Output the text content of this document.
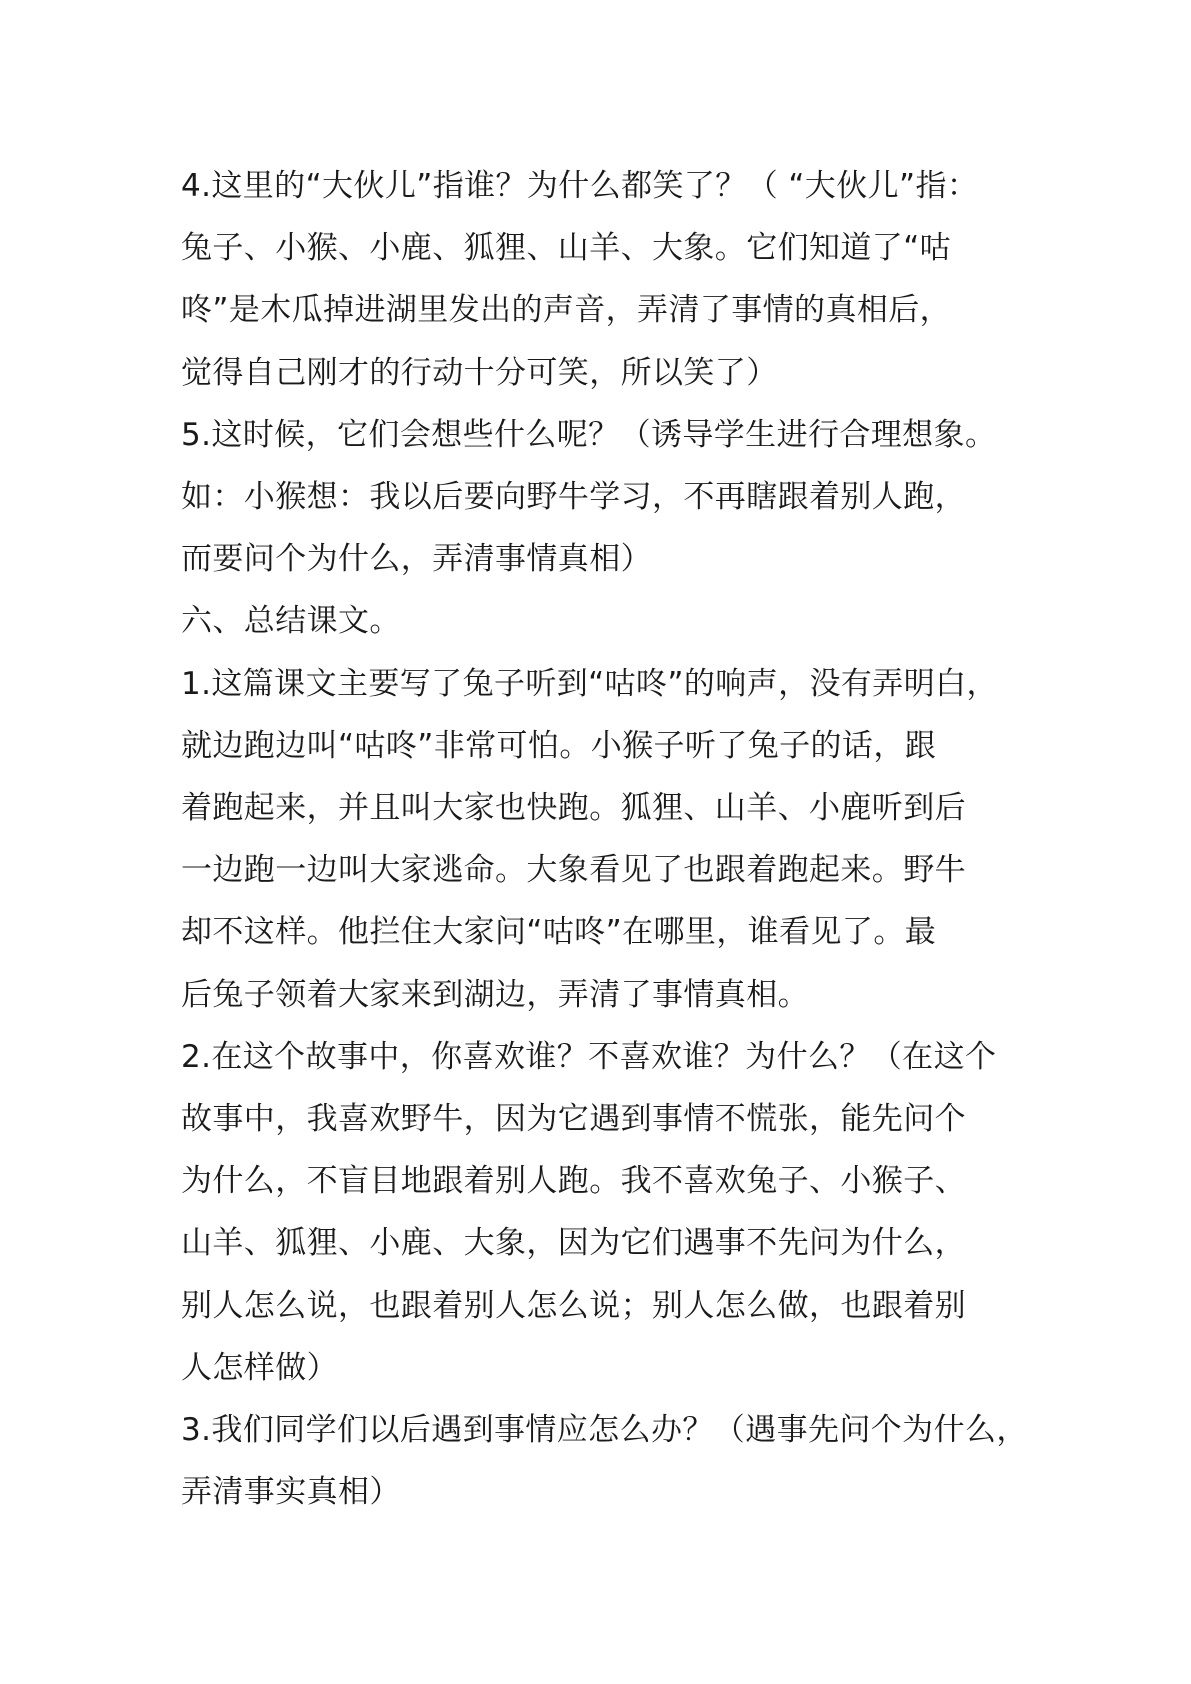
4.这里的“大伙儿”指谁？为什么都笑了？（ “大伙儿”指：
兔子、小猴、小鹿、狐狸、山羊、大象。它们知道了“咕
咚”是木瓜掉进湖里发出的声音，弄清了事情的真相后，
觉得自己刚才的行动十分可笑，所以笑了）

5.这时候，它们会想些什么呢？（诱导学生进行合理想象。
如：小猴想：我以后要向野牛学习，不再瞎跟着别人跑，
而要问个为什么，弄清事情真相）

六、总结课文。

1.这篇课文主要写了兔子听到“咕咚”的响声，没有弄明白，
就边跑边叫“咕咚”非常可怕。小猴子听了兔子的话，跟
着跑起来，并且叫大家也快跑。狐狸、山羊、小鹿听到后
一边跑一边叫大家逃命。大象看见了也跟着跑起来。野牛
却不这样。他拦住大家问“咕咚”在哪里，谁看见了。最
后兔子领着大家来到湖边，弄清了事情真相。

2.在这个故事中，你喜欢谁？不喜欢谁？为什么？（在这个
故事中，我喜欢野牛，因为它遇到事情不慌张，能先问个
为什么，不盲目地跟着别人跑。我不喜欢兔子、小猴子、
山羊、狐狸、小鹿、大象，因为它们遇事不先问为什么，
别人怎么说，也跟着别人怎么说；别人怎么做，也跟着别
人怎样做）

3.我们同学们以后遇到事情应怎么办？（遇事先问个为什么，
弄清事实真相）
